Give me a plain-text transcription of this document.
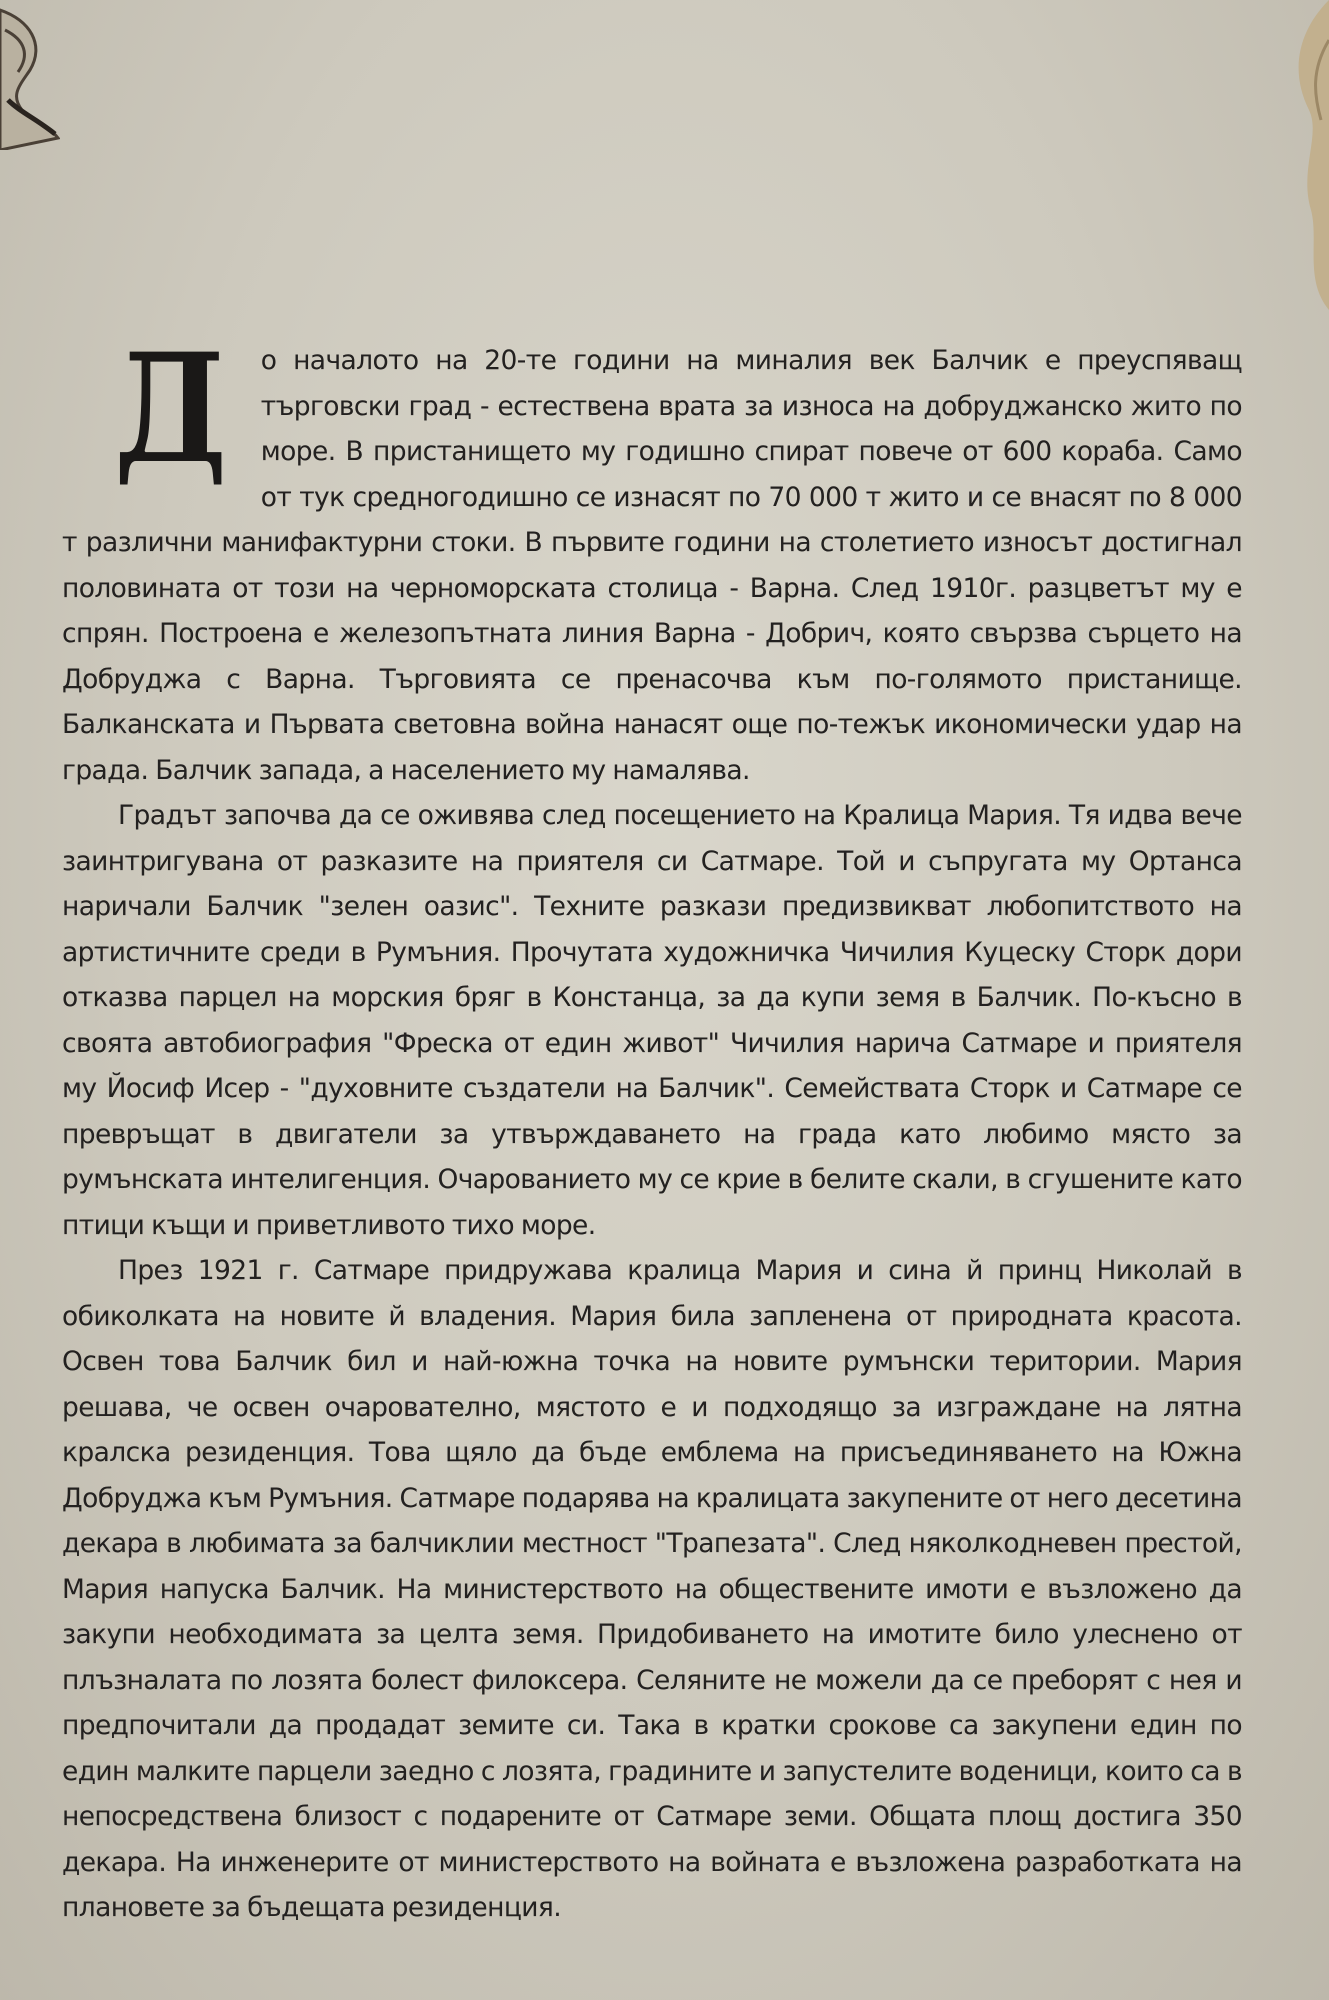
Д о началото на 20-те години на миналия век Балчик е преуспяващ търговски град - естествена врата за износа на добруджанско жито по море. В пристанището му годишно спират повече от 600 кораба. Само от тук средногодишно се изнасят по 70 000 т жито и се внасят по 8 000 т различни манифактурни стоки. В първите години на столетието износът достигнал половината от този на черноморската столица - Варна. След 1910г. разцветът му е спрян. Построена е железопътната линия Варна - Добрич, която свързва сърцето на Добруджа с Варна. Търговията се пренасочва към по-голямото пристанище. Балканската и Първата световна война нанасят още по-тежък икономически удар на града. Балчик запада, а населението му намалява.

Градът започва да се оживява след посещението на Кралица Мария. Тя идва вече заинтригувана от разказите на приятеля си Сатмаре. Той и съпругата му Ортанса наричали Балчик "зелен оазис". Техните разкази предизвикват любопитството на артистичните среди в Румъния. Прочутата художничка Чичилия Куцеску Сторк дори отказва парцел на морския бряг в Констанца, за да купи земя в Балчик. По-късно в своята автобиография "Фреска от един живот" Чичилия нарича Сатмаре и приятеля му Йосиф Исер - "духовните създатели на Балчик". Семействата Сторк и Сатмаре се превръщат в двигатели за утвърждаването на града като любимо място за румънската интелигенция. Очарованието му се крие в белите скали, в сгушените като птици къщи и приветливото тихо море.

През 1921 г. Сатмаре придружава кралица Мария и сина й принц Николай в обиколката на новите й владения. Мария била запленена от природната красота. Освен това Балчик бил и най-южна точка на новите румънски територии. Мария решава, че освен очарователно, мястото е и подходящо за изграждане на лятна кралска резиденция. Това щяло да бъде емблема на присъединяването на Южна Добруджа към Румъния. Сатмаре подарява на кралицата закупените от него десетина декара в любимата за балчиклии местност "Трапезата". След няколкодневен престой, Мария напуска Балчик. На министерството на обществените имоти е възложено да закупи необходимата за целта земя. Придобиването на имотите било улеснено от плъзналата по лозята болест филоксера. Селяните не можели да се преборят с нея и предпочитали да продадат земите си. Така в кратки срокове са закупени един по един малките парцели заедно с лозята, градините и запустелите воденици, които са в непосредствена близост с подарените от Сатмаре земи. Общата площ достига 350 декара. На инженерите от министерството на войната е възложена разработката на плановете за бъдещата резиденция.
